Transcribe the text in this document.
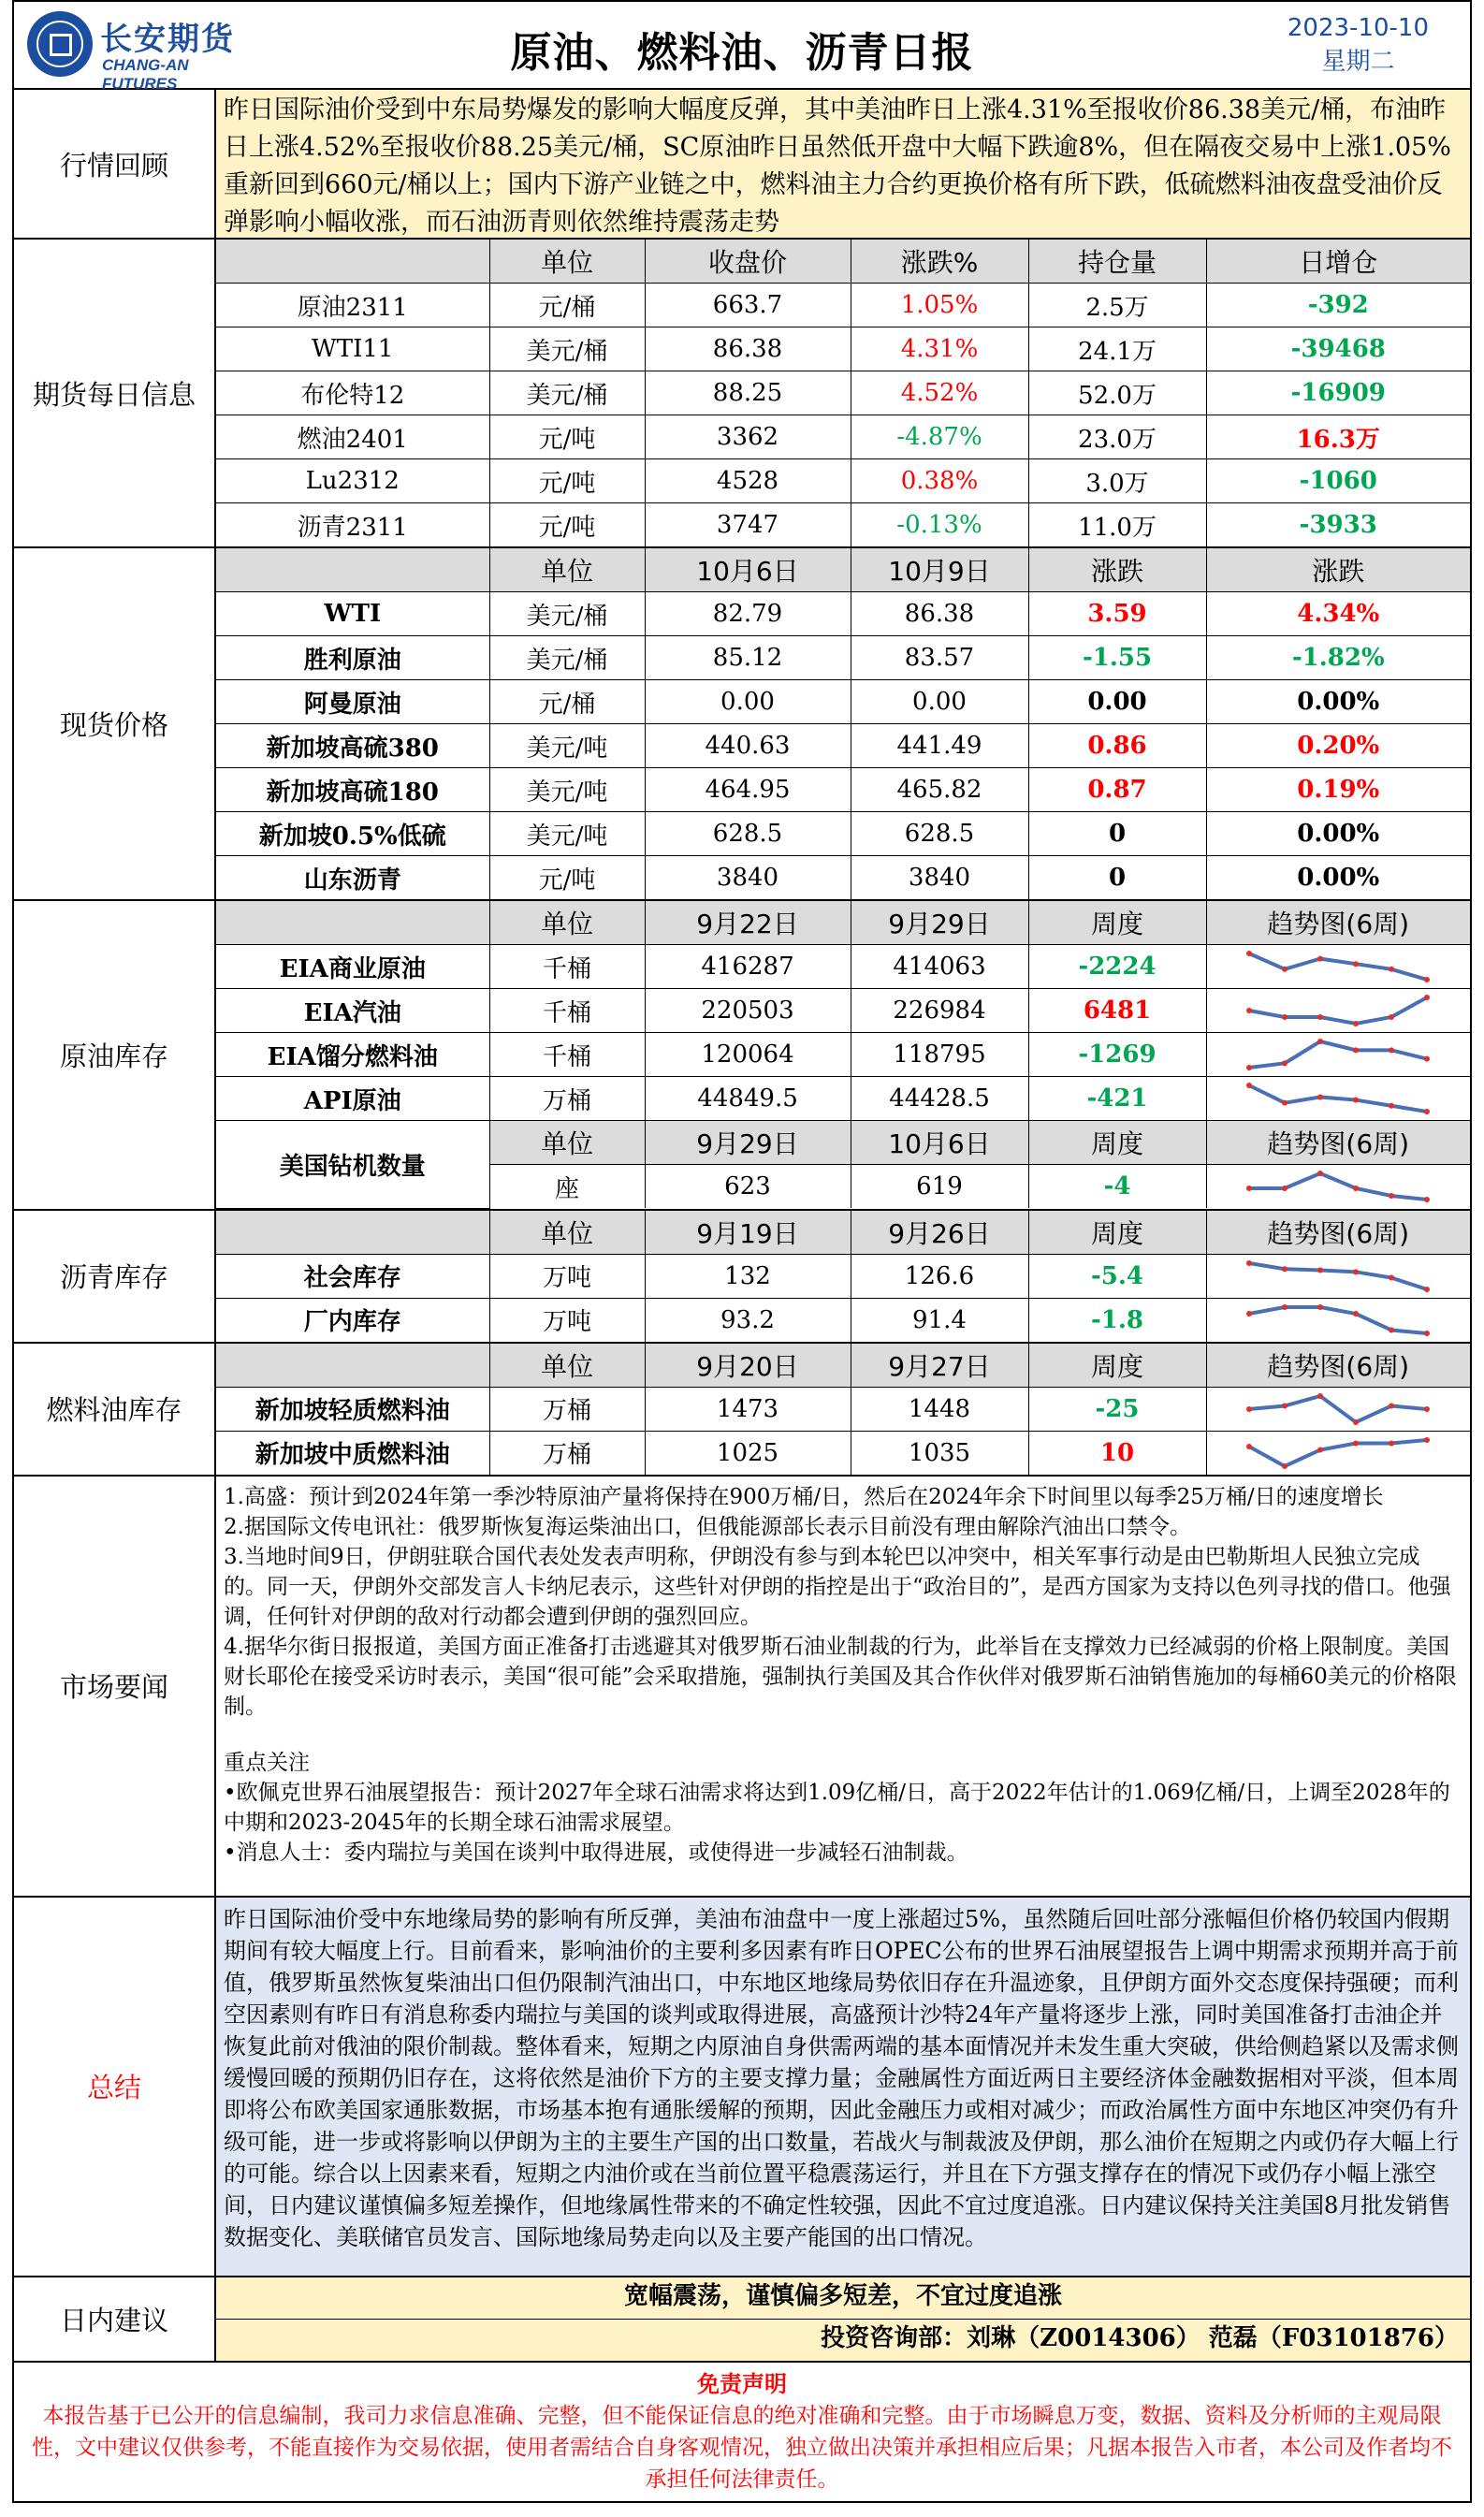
长安期货
CHANG-AN FUTURES
原油、燃料油、沥青日报
2023-10-10
星期二
行情回顾
昨日国际油价受到中东局势爆发的影响大幅度反弹，其中美油昨日上涨4.31%至报收价86.38美元/桶，布油昨日上涨4.52%至报收价88.25美元/桶，SC原油昨日虽然低开盘中大幅下跌逾8%，但在隔夜交易中上涨1.05%重新回到660元/桶以上；国内下游产业链之中，燃料油主力合约更换价格有所下跌，低硫燃料油夜盘受油价反弹影响小幅收涨，而石油沥青则依然维持震荡走势
期货每日信息
	单位	收盘价	涨跌%	持仓量	日增仓
原油2311	元/桶	663.7	1.05%	2.5万	-392
WTI11	美元/桶	86.38	4.31%	24.1万	-39468
布伦特12	美元/桶	88.25	4.52%	52.0万	-16909
燃油2401	元/吨	3362	-4.87%	23.0万	16.3万
Lu2312	元/吨	4528	0.38%	3.0万	-1060
沥青2311	元/吨	3747	-0.13%	11.0万	-3933
现货价格
	单位	10月6日	10月9日	涨跌	涨跌
WTI	美元/桶	82.79	86.38	3.59	4.34%
胜利原油	美元/桶	85.12	83.57	-1.55	-1.82%
阿曼原油	元/桶	0.00	0.00	0.00	0.00%
新加坡高硫380	美元/吨	440.63	441.49	0.86	0.20%
新加坡高硫180	美元/吨	464.95	465.82	0.87	0.19%
新加坡0.5%低硫	美元/吨	628.5	628.5	0	0.00%
山东沥青	元/吨	3840	3840	0	0.00%
原油库存
	单位	9月22日	9月29日	周度	趋势图(6周)
EIA商业原油	千桶	416287	414063	-2224	

EIA汽油	千桶	220503	226984	6481	

EIA馏分燃料油	千桶	120064	118795	-1269	

API原油	万桶	44849.5	44428.5	-421	

美国钻机数量	单位	9月29日	10月6日	周度	趋势图(6周)
	座	623	619	-4	
沥青库存
	单位	9月19日	9月26日	周度	趋势图(6周)
社会库存	万吨	132	126.6	-5.4	

厂内库存	万吨	93.2	91.4	-1.8	
燃料油库存
	单位	9月20日	9月27日	周度	趋势图(6周)
新加坡轻质燃料油	万桶	1473	1448	-25	

新加坡中质燃料油	万桶	1025	1035	10	
市场要闻

1.高盛：预计到2024年第一季沙特原油产量将保持在900万桶/日，然后在2024年余下时间里以每季25万桶/日的速度增长

2.据国际文传电讯社：俄罗斯恢复海运柴油出口，但俄能源部长表示目前没有理由解除汽油出口禁令。

3.当地时间9日，伊朗驻联合国代表处发表声明称，伊朗没有参与到本轮巴以冲突中，相关军事行动是由巴勒斯坦人民独立完成的。同一天，伊朗外交部发言人卡纳尼表示，这些针对伊朗的指控是出于“政治目的”，是西方国家为支持以色列寻找的借口。他强调，任何针对伊朗的敌对行动都会遭到伊朗的强烈回应。

4.据华尔街日报报道，美国方面正准备打击逃避其对俄罗斯石油业制裁的行为，此举旨在支撑效力已经减弱的价格上限制度。美国财长耶伦在接受采访时表示，美国“很可能”会采取措施，强制执行美国及其合作伙伴对俄罗斯石油销售施加的每桶60美元的价格限制。

重点关注

•欧佩克世界石油展望报告：预计2027年全球石油需求将达到1.09亿桶/日，高于2022年估计的1.069亿桶/日，上调至2028年的中期和2023-2045年的长期全球石油需求展望。

•消息人士：委内瑞拉与美国在谈判中取得进展，或使得进一步减轻石油制裁。

总结
昨日国际油价受中东地缘局势的影响有所反弹，美油布油盘中一度上涨超过5%，虽然随后回吐部分涨幅但价格仍较国内假期期间有较大幅度上行。目前看来，影响油价的主要利多因素有昨日OPEC公布的世界石油展望报告上调中期需求预期并高于前值，俄罗斯虽然恢复柴油出口但仍限制汽油出口，中东地区地缘局势依旧存在升温迹象，且伊朗方面外交态度保持强硬；而利空因素则有昨日有消息称委内瑞拉与美国的谈判或取得进展，高盛预计沙特24年产量将逐步上涨，同时美国准备打击油企并恢复此前对俄油的限价制裁。整体看来，短期之内原油自身供需两端的基本面情况并未发生重大突破，供给侧趋紧以及需求侧缓慢回暖的预期仍旧存在，这将依然是油价下方的主要支撑力量；金融属性方面近两日主要经济体金融数据相对平淡，但本周即将公布欧美国家通胀数据，市场基本抱有通胀缓解的预期，因此金融压力或相对减少；而政治属性方面中东地区冲突仍有升级可能，进一步或将影响以伊朗为主的主要生产国的出口数量，若战火与制裁波及伊朗，那么油价在短期之内或仍存大幅上行的可能。综合以上因素来看，短期之内油价或在当前位置平稳震荡运行，并且在下方强支撑存在的情况下或仍存小幅上涨空间，日内建议谨慎偏多短差操作，但地缘属性带来的不确定性较强，因此不宜过度追涨。日内建议保持关注美国8月批发销售数据变化、美联储官员发言、国际地缘局势走向以及主要产能国的出口情况。
日内建议
宽幅震荡，谨慎偏多短差，不宜过度追涨
投资咨询部：刘琳（Z0014306） 范磊（F03101876）
免责声明
本报告基于已公开的信息编制，我司力求信息准确、完整，但不能保证信息的绝对准确和完整。由于市场瞬息万变，数据、资料及分析师的主观局限性，文中建议仅供参考，不能直接作为交易依据，使用者需结合自身客观情况，独立做出决策并承担相应后果；凡据本报告入市者，本公司及作者均不承担任何法律责任。
